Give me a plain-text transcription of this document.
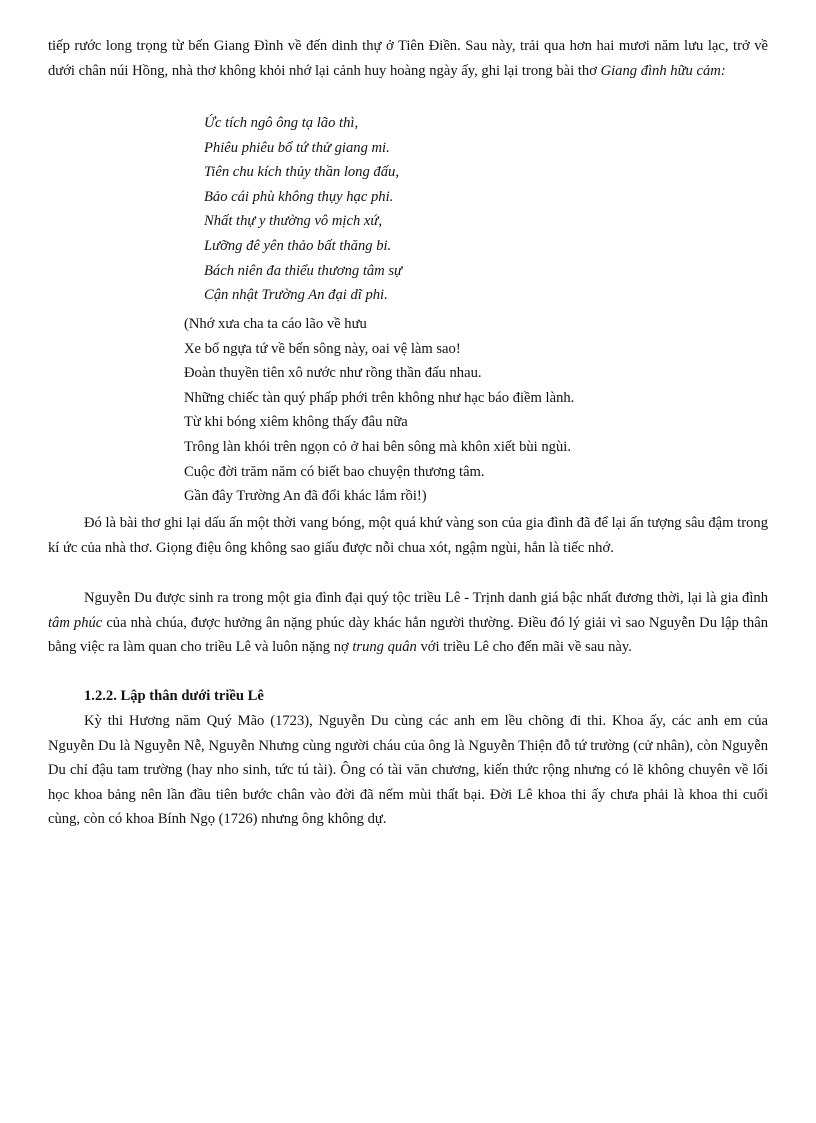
tiếp rước long trọng từ bến Giang Đình về đến dinh thự ở Tiên Điền. Sau này, trải qua hơn hai mươi năm lưu lạc, trở về dưới chân núi Hồng, nhà thơ không khỏi nhớ lại cảnh huy hoàng ngày ấy, ghi lại trong bài thơ Giang đình hữu cảm:

Ức tích ngô ông tạ lão thì,
Phiêu phiêu bổ tứ thử giang mi.
Tiên chu kích thủy thần long đấu,
Bảo cái phù không thụy hạc phi.
Nhất thự y thường vô mịch xứ,
Lưỡng đê yên thảo bất thăng bi.
Bách niên đa thiểu thương tâm sự
Cận nhật Trường An đại dĩ phi.
(Nhớ xưa cha ta cáo lão về hưu
Xe bổ ngựa tứ về bến sông này, oai vệ làm sao!
Đoàn thuyền tiên xô nước như rồng thần đấu nhau.
Những chiếc tàn quý phấp phới trên không như hạc báo điềm lành.
Từ khi bóng xiêm không thấy đâu nữa
Trông làn khói trên ngọn cỏ ở hai bên sông mà khôn xiết bùi ngùi.
Cuộc đời trăm năm có biết bao chuyện thương tâm.
Gần đây Trường An đã đổi khác lắm rồi!)

Đó là bài thơ ghi lại dấu ấn một thời vang bóng, một quá khứ vàng son của gia đình đã để lại ấn tượng sâu đậm trong kí ức của nhà thơ. Giọng điệu ông không sao giấu được nỗi chua xót, ngậm ngùi, hẳn là tiếc nhớ.

Nguyễn Du được sinh ra trong một gia đình đại quý tộc triều Lê - Trịnh danh giá bậc nhất đương thời, lại là gia đình tâm phúc của nhà chúa, được hưởng ân nặng phúc dày khác hẳn người thường. Điều đó lý giải vì sao Nguyễn Du lập thân bằng việc ra làm quan cho triều Lê và luôn nặng nợ trung quân với triều Lê cho đến mãi về sau này.

1.2.2. Lập thân dưới triều Lê

Kỳ thi Hương năm Quý Mão (1723), Nguyễn Du cùng các anh em lều chõng đi thi. Khoa ấy, các anh em của Nguyễn Du là Nguyễn Nễ, Nguyễn Nhưng cùng người cháu của ông là Nguyễn Thiện đỗ tứ trường (cử nhân), còn Nguyễn Du chỉ đậu tam trường (hay nho sinh, tức tú tài). Ông có tài văn chương, kiến thức rộng nhưng có lẽ không chuyên về lối học khoa bảng nên lần đầu tiên bước chân vào đời đã nếm mùi thất bại. Đời Lê khoa thi ấy chưa phải là khoa thi cuối cùng, còn có khoa Bính Ngọ (1726) nhưng ông không dự.
